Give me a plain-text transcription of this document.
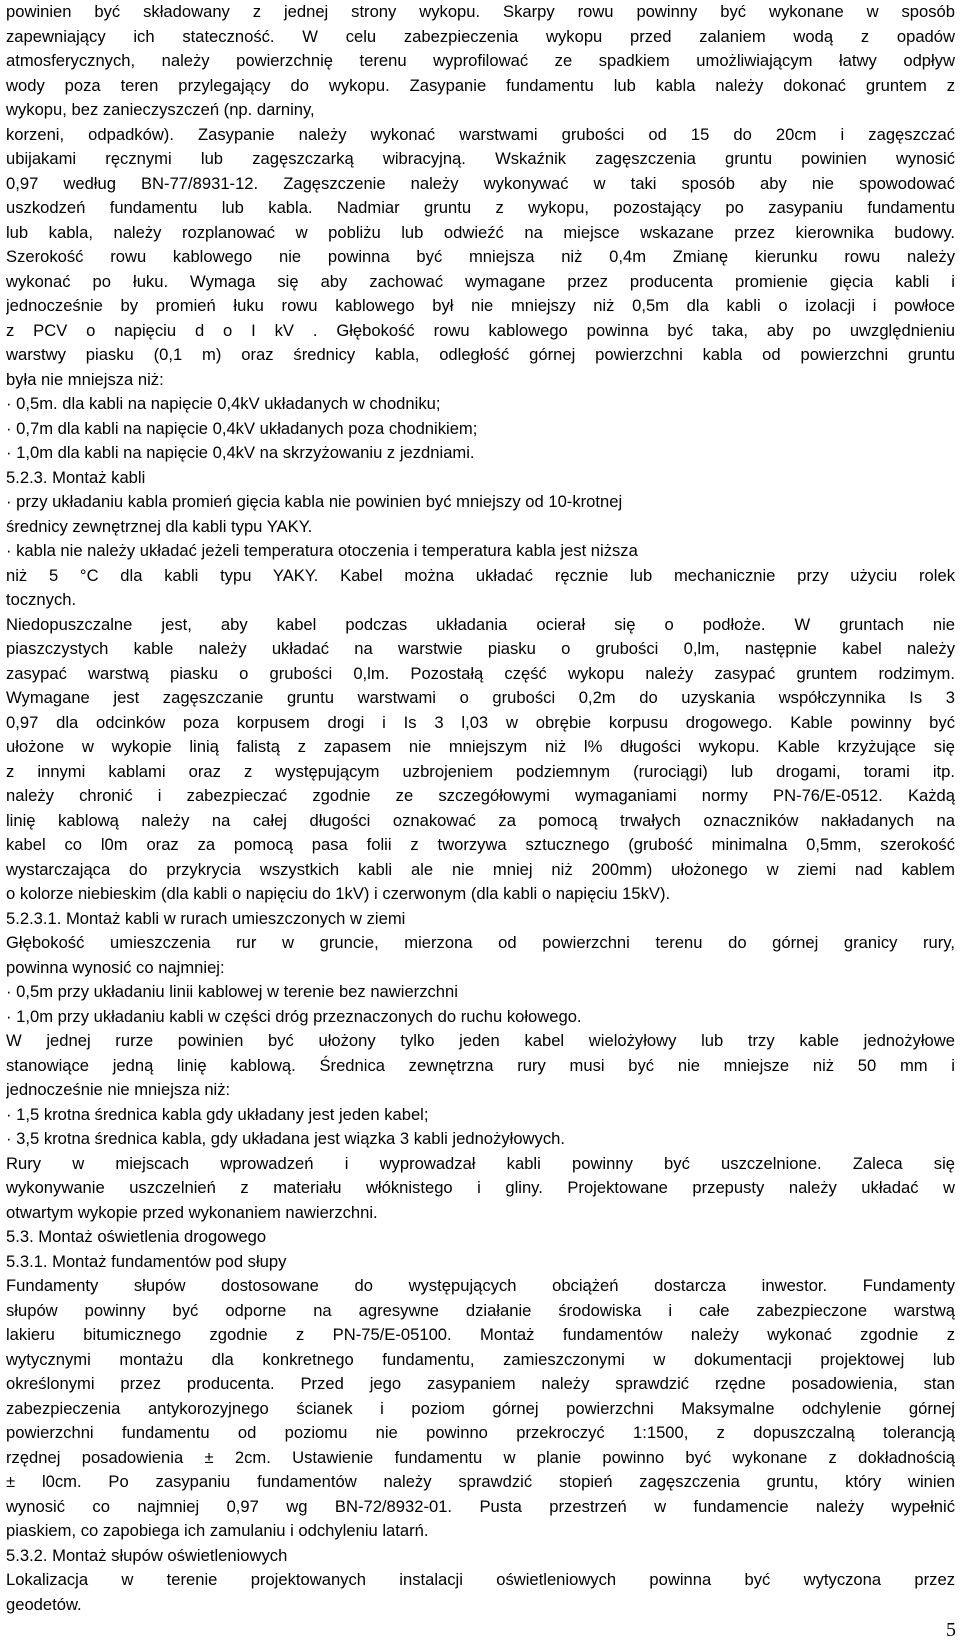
powinien być składowany z jednej strony wykopu. Skarpy rowu powinny być wykonane w sposób
zapewniający ich stateczność. W celu zabezpieczenia wykopu przed zalaniem wodą z opadów
atmosferycznych, należy powierzchnię terenu wyprofilować ze spadkiem umożliwiającym łatwy odpływ
wody poza teren przylegający do wykopu. Zasypanie fundamentu lub kabla należy dokonać gruntem z
wykopu, bez zanieczyszczeń (np. darniny,
korzeni, odpadków). Zasypanie należy wykonać warstwami grubości od 15 do 20cm i zagęszczać
ubijakami ręcznymi lub zagęszczarką wibracyjną. Wskaźnik zagęszczenia gruntu powinien wynosić
0,97 według BN-77/8931-12. Zagęszczenie należy wykonywać w taki sposób aby nie spowodować
uszkodzeń fundamentu lub kabla. Nadmiar gruntu z wykopu, pozostający po zasypaniu fundamentu
lub kabla, należy rozplanować w pobliżu lub odwieźć na miejsce wskazane przez kierownika budowy.
Szerokość rowu kablowego nie powinna być mniejsza niż 0,4m Zmianę kierunku rowu należy
wykonać po łuku. Wymaga się aby zachować wymagane przez producenta promienie gięcia kabli i
jednocześnie by promień łuku rowu kablowego był nie mniejszy niż 0,5m dla kabli o izolacji i powłoce
z PCV o napięciu d o I kV . Głębokość rowu kablowego powinna być taka, aby po uwzględnieniu
warstwy piasku (0,1 m) oraz średnicy kabla, odległość górnej powierzchni kabla od powierzchni gruntu
była nie mniejsza niż:
· 0,5m. dla kabli na napięcie 0,4kV układanych w chodniku;
· 0,7m dla kabli na napięcie 0,4kV układanych poza chodnikiem;
· 1,0m dla kabli na napięcie 0,4kV na skrzyżowaniu z jezdniami.
5.2.3. Montaż kabli
· przy układaniu kabla promień gięcia kabla nie powinien być mniejszy od 10-krotnej
średnicy zewnętrznej dla kabli typu YAKY.
· kabla nie należy układać jeżeli temperatura otoczenia i temperatura kabla jest niższa
niż 5 °C dla kabli typu YAKY. Kabel można układać ręcznie lub mechanicznie przy użyciu rolek
tocznych.
Niedopuszczalne jest, aby kabel podczas układania ocierał się o podłoże. W gruntach nie
piaszczystych kable należy układać na warstwie piasku o grubości 0,lm, następnie kabel należy
zasypać warstwą piasku o grubości 0,lm. Pozostałą część wykopu należy zasypać gruntem rodzimym.
Wymagane jest zagęszczanie gruntu warstwami o grubości 0,2m do uzyskania współczynnika Is 3
0,97 dla odcinków poza korpusem drogi i Is 3 l,03 w obrębie korpusu drogowego. Kable powinny być
ułożone w wykopie linią falistą z zapasem nie mniejszym niż l% długości wykopu. Kable krzyżujące się
z innymi kablami oraz z występującym uzbrojeniem podziemnym (rurociągi) lub drogami, torami itp.
należy chronić i zabezpieczać zgodnie ze szczegółowymi wymaganiami normy PN-76/E-0512. Każdą
linię kablową należy na całej długości oznakować za pomocą trwałych oznaczników nakładanych na
kabel co l0m oraz za pomocą pasa folii z tworzywa sztucznego (grubość minimalna 0,5mm, szerokość
wystarczająca do przykrycia wszystkich kabli ale nie mniej niż 200mm) ułożonego w ziemi nad kablem
o kolorze niebieskim (dla kabli o napięciu do 1kV) i czerwonym (dla kabli o napięciu 15kV).
5.2.3.1. Montaż kabli w rurach umieszczonych w ziemi
Głębokość umieszczenia rur w gruncie, mierzona od powierzchni terenu do górnej granicy rury,
powinna wynosić co najmniej:
· 0,5m przy układaniu linii kablowej w terenie bez nawierzchni
· 1,0m przy układaniu kabli w części dróg przeznaczonych do ruchu kołowego.
W jednej rurze powinien być ułożony tylko jeden kabel wielożyłowy lub trzy kable jednożyłowe
stanowiące jedną linię kablową. Średnica zewnętrzna rury musi być nie mniejsze niż 50 mm i
jednocześnie nie mniejsza niż:
· 1,5 krotna średnica kabla gdy układany jest jeden kabel;
· 3,5 krotna średnica kabla, gdy układana jest wiązka 3 kabli jednożyłowych.
Rury w miejscach wprowadzeń i wyprowadzał kabli powinny być uszczelnione. Zaleca się
wykonywanie uszczelnień z materiału włóknistego i gliny. Projektowane przepusty należy układać w
otwartym wykopie przed wykonaniem nawierzchni.
5.3. Montaż oświetlenia drogowego
5.3.1. Montaż fundamentów pod słupy
Fundamenty słupów dostosowane do występujących obciążeń dostarcza inwestor. Fundamenty
słupów powinny być odporne na agresywne działanie środowiska i całe zabezpieczone warstwą
lakieru bitumicznego zgodnie z PN-75/E-05100. Montaż fundamentów należy wykonać zgodnie z
wytycznymi montażu dla konkretnego fundamentu, zamieszczonymi w dokumentacji projektowej lub
określonymi przez producenta. Przed jego zasypaniem należy sprawdzić rzędne posadowienia, stan
zabezpieczenia antykorozyjnego ścianek i poziom górnej powierzchni Maksymalne odchylenie górnej
powierzchni fundamentu od poziomu nie powinno przekroczyć 1:1500, z dopuszczalną tolerancją
rzędnej posadowienia ± 2cm. Ustawienie fundamentu w planie powinno być wykonane z dokładnością
± l0cm. Po zasypaniu fundamentów należy sprawdzić stopień zagęszczenia gruntu, który winien
wynosić co najmniej 0,97 wg BN-72/8932-01. Pusta przestrzeń w fundamencie należy wypełnić
piaskiem, co zapobiega ich zamulaniu i odchyleniu latarń.
5.3.2. Montaż słupów oświetleniowych
Lokalizacja w terenie projektowanych instalacji oświetleniowych powinna być wytyczona przez
geodetów.
5
